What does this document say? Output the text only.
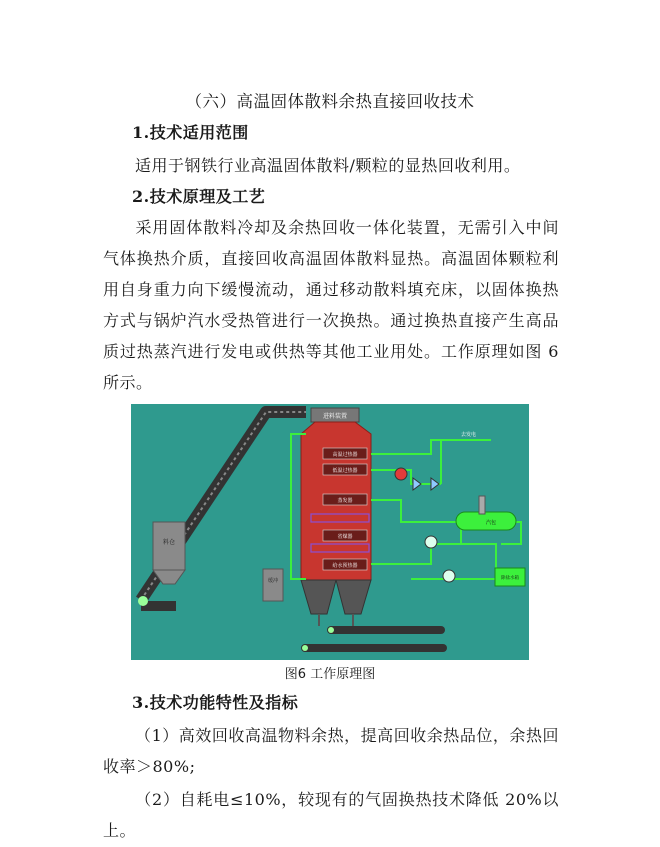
（六）高温固体散料余热直接回收技术
1.技术适用范围
适用于钢铁行业高温固体散料/颗粒的显热回收利用。
2.技术原理及工艺
采用固体散料冷却及余热回收一体化装置，无需引入中间气体换热介质，直接回收高温固体散料显热。高温固体颗粒利用自身重力向下缓慢流动，通过移动散料填充床，以固体换热方式与锅炉汽水受热管进行一次换热。通过换热直接产生高品质过热蒸汽进行发电或供热等其他工业用处。工作原理如图 6 所示。
料仓
缓冲
进料装置
高温过热器
低温过热器
蒸发器
省煤器
给水预热器
汽包
除盐水箱
去发电
图6 工作原理图
3.技术功能特性及指标
（1）高效回收高温物料余热，提高回收余热品位，余热回收率＞80%;
（2）自耗电≤10%，较现有的气固换热技术降低 20%以上。
